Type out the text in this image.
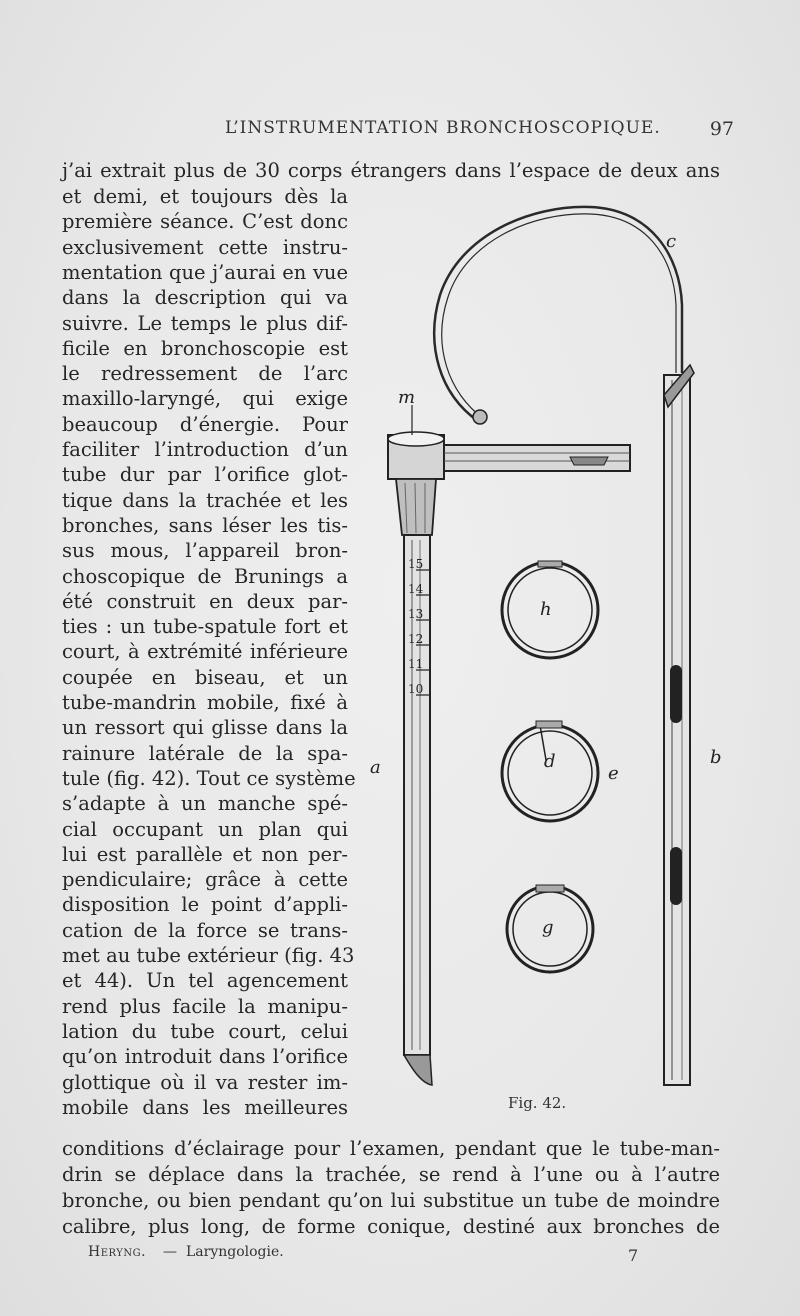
L’INSTRUMENTATION BRONCHOSCOPIQUE.	97
j’ai extrait plus de 30 corps étrangers dans l’espace de deux ans
et demi, et toujours dès la
première séance. C’est donc
exclusivement cette instru-
mentation que j’aurai en vue
dans la description qui va
suivre. Le temps le plus dif-
ficile en bronchoscopie est
le redressement de l’arc
maxillo-laryngé, qui exige
beaucoup d’énergie. Pour
faciliter l’introduction d’un
tube dur par l’orifice glot-
tique dans la trachée et les
bronches, sans léser les tis-
sus mous, l’appareil bron-
choscopique de Brunings a
été construit en deux par-
ties : un tube-spatule fort et
court, à extrémité inférieure
coupée en biseau, et un
tube-mandrin mobile, fixé à
un ressort qui glisse dans la
rainure latérale de la spa-
tule (fig. 42). Tout ce système
s’adapte à un manche spé-
cial occupant un plan qui
lui est parallèle et non per-
pendiculaire; grâce à cette
disposition le point d’appli-
cation de la force se trans-
met au tube extérieur (fig. 43
et 44). Un tel agencement
rend plus facile la manipu-
lation du tube court, celui
qu’on introduit dans l’orifice
glottique où il va rester im-
mobile dans les meilleures
conditions d’éclairage pour l’examen, pendant que le tube-man-
drin se déplace dans la trachée, se rend à l’une ou à l’autre
bronche, ou bien pendant qu’on lui substitue un tube de moindre
calibre, plus long, de forme conique, destiné aux bronches de
15
14
13
12
11
10
c
m
h
d
e
g
a	b
Fig. 42.
Heryng. — Laryngologie.	7
